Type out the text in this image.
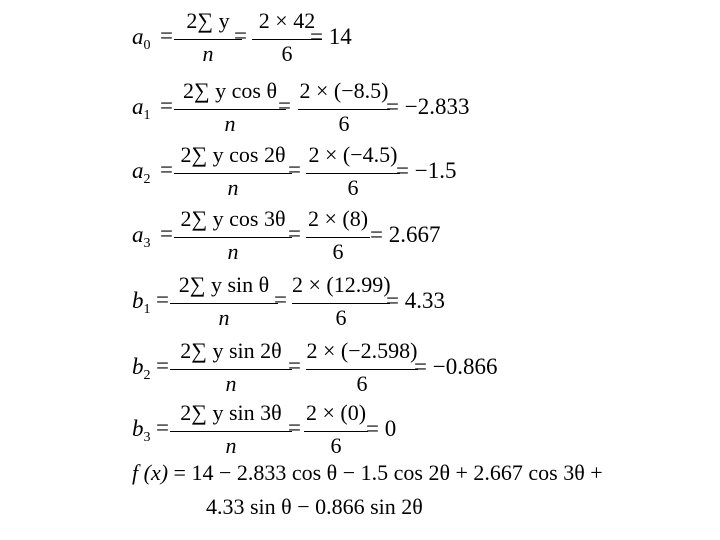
$a_0$ =
2∑ y
n
=
2 × 42
6
= 14
$a_1$ =
2∑ y cos θ
n
=
2 × (−8.5)
6
= −2.833
$a_2$ =
2∑ y cos 2θ
n
=
2 × (−4.5)
6
= −1.5
$a_3$ =
2∑ y cos 3θ
n
=
2 × (8)
6
= 2.667
$b_1$ =
2∑ y sin θ
n
=
2 × (12.99)
6
= 4.33
$b_2$ =
2∑ y sin 2θ
n
=
2 × (−2.598)
6
= −0.866
$b_3$ =
2∑ y sin 3θ
n
=
2 × (0)
6
= 0
f (x) = 14 − 2.833 cos θ − 1.5 cos 2θ + 2.667 cos 3θ +
4.33 sin θ − 0.866 sin 2θ
